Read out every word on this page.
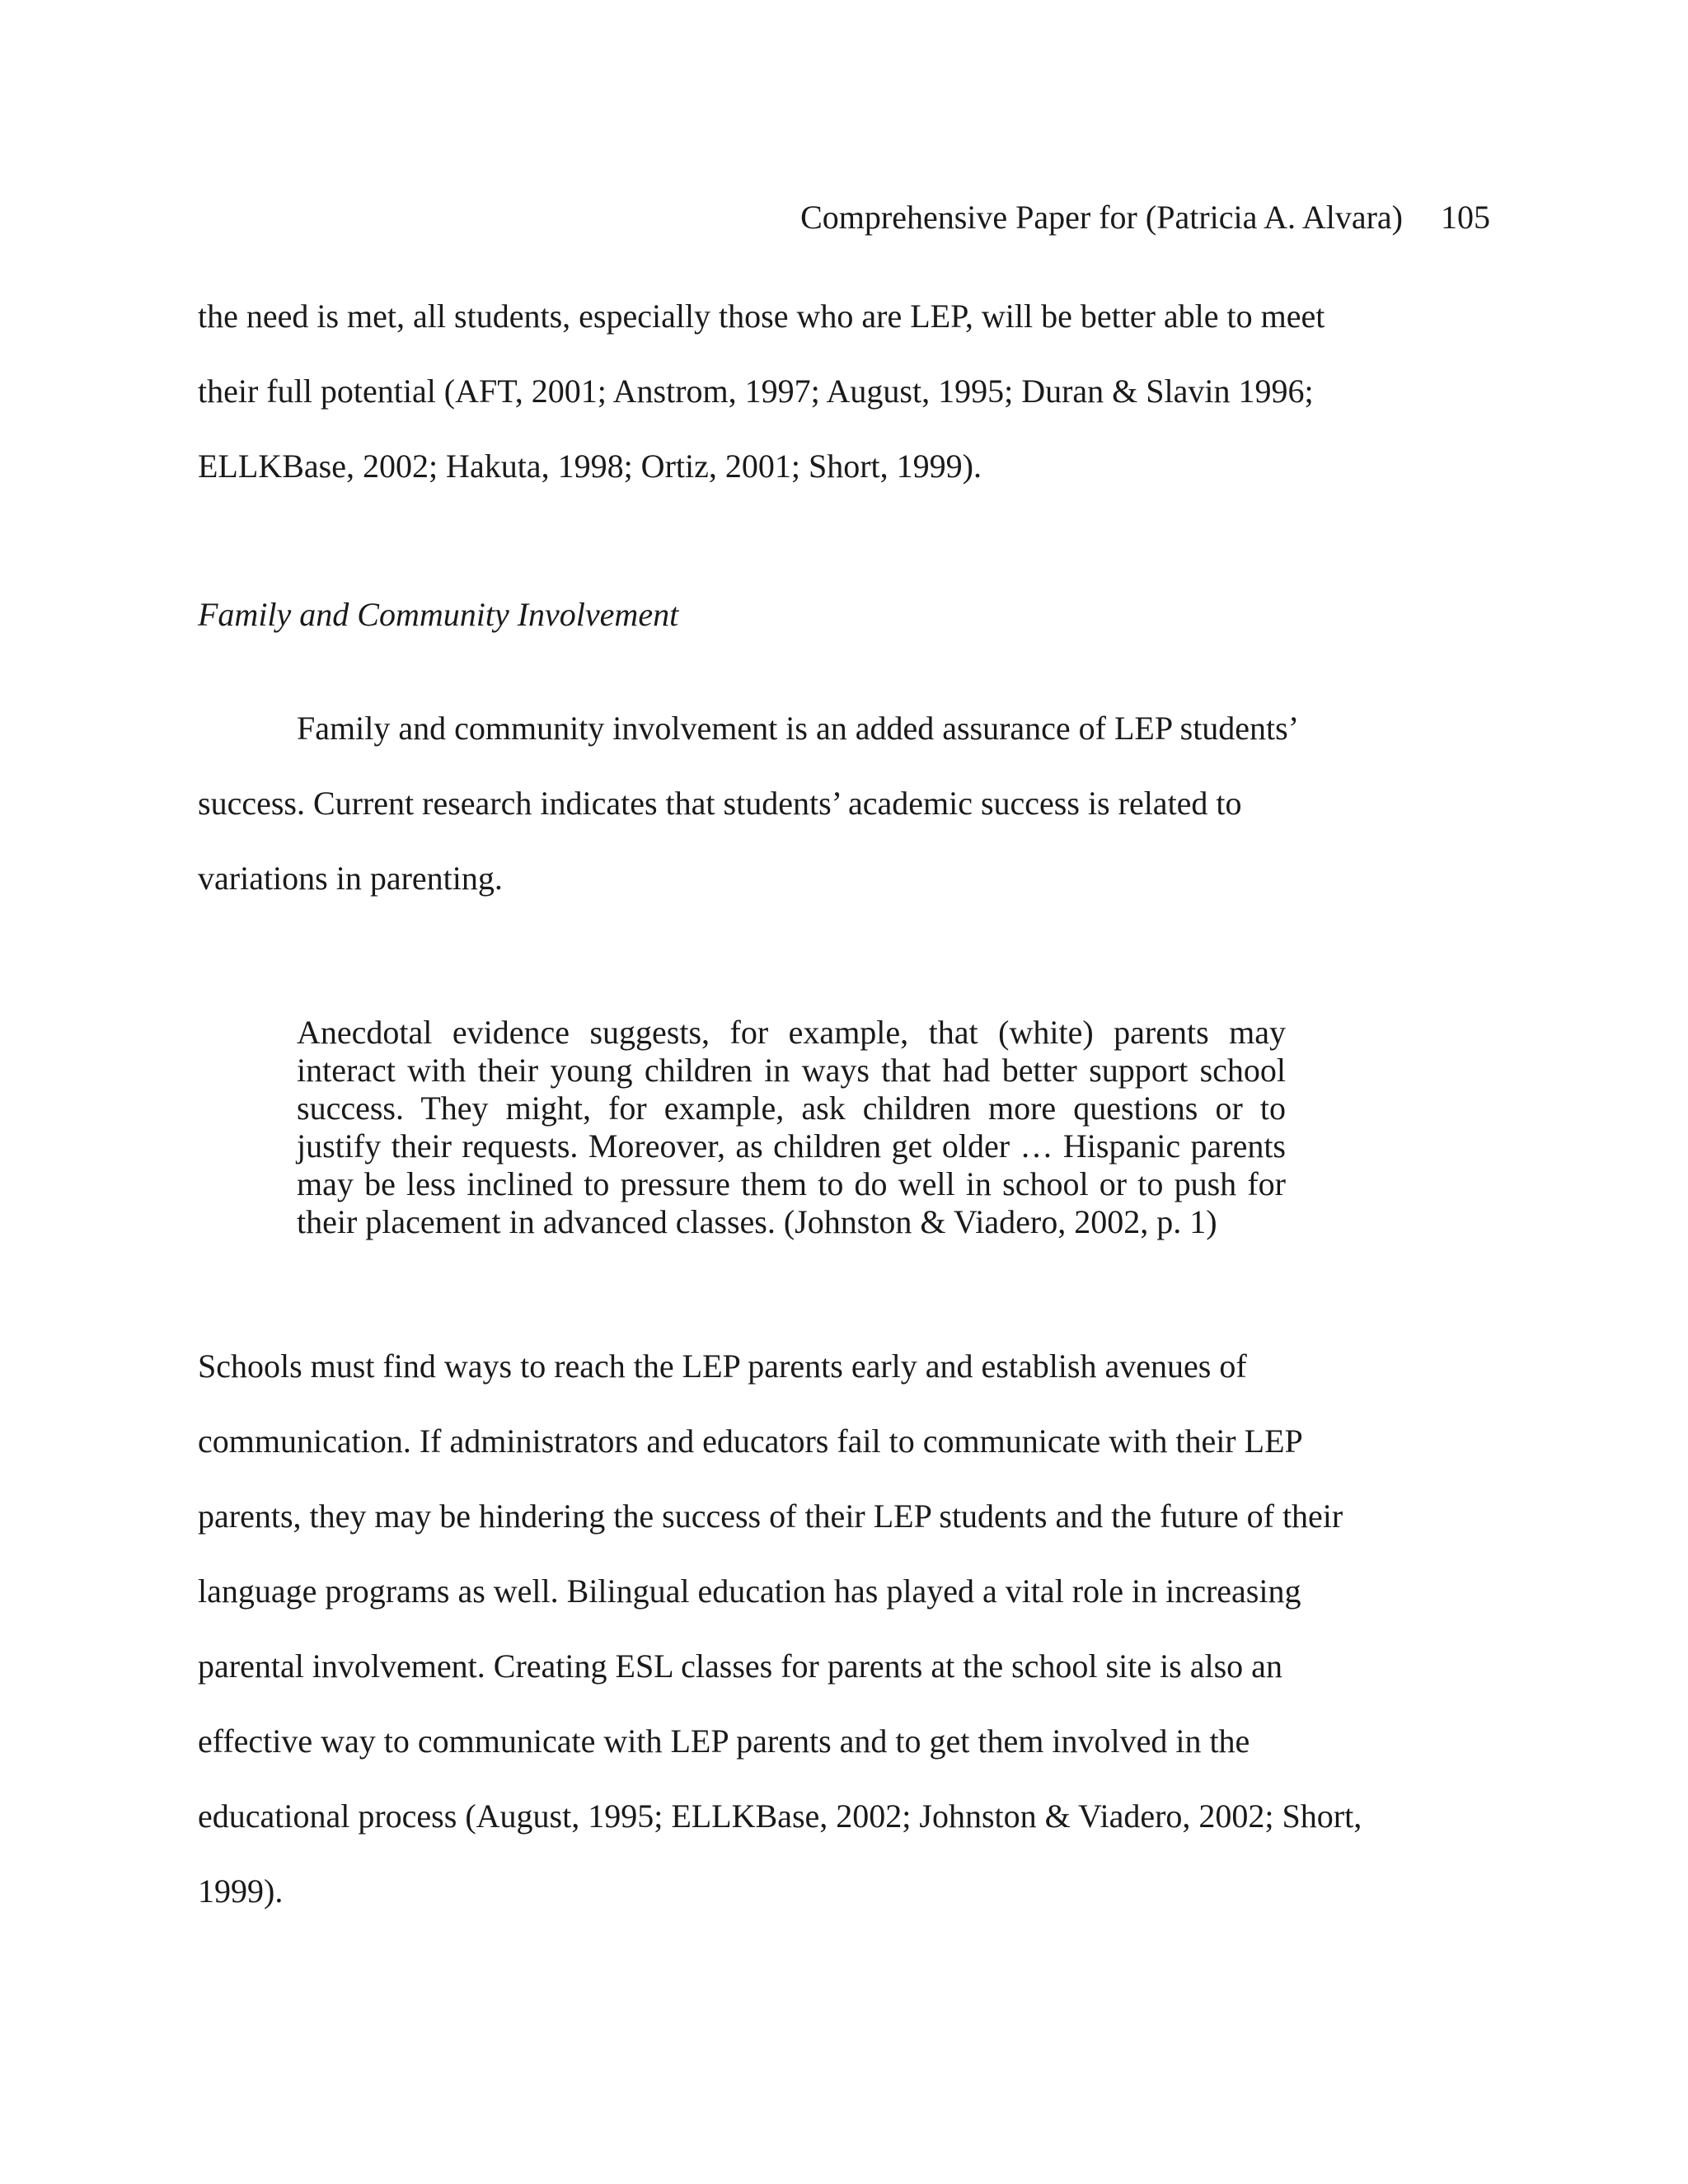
Comprehensive Paper for (Patricia A. Alvara) 105
the need is met, all students, especially those who are LEP, will be better able to meet
their full potential (AFT, 2001; Anstrom, 1997; August, 1995; Duran & Slavin 1996;
ELLKBase, 2002; Hakuta, 1998; Ortiz, 2001; Short, 1999).
Family and Community Involvement
Family and community involvement is an added assurance of LEP students’
success. Current research indicates that students’ academic success is related to
variations in parenting.
Anecdotal evidence suggests, for example, that (white) parents may
interact with their young children in ways that had better support school
success. They might, for example, ask children more questions or to
justify their requests. Moreover, as children get older … Hispanic parents
may be less inclined to pressure them to do well in school or to push for
their placement in advanced classes. (Johnston & Viadero, 2002, p. 1)
Schools must find ways to reach the LEP parents early and establish avenues of
communication. If administrators and educators fail to communicate with their LEP
parents, they may be hindering the success of their LEP students and the future of their
language programs as well. Bilingual education has played a vital role in increasing
parental involvement. Creating ESL classes for parents at the school site is also an
effective way to communicate with LEP parents and to get them involved in the
educational process (August, 1995; ELLKBase, 2002; Johnston & Viadero, 2002; Short,
1999).
